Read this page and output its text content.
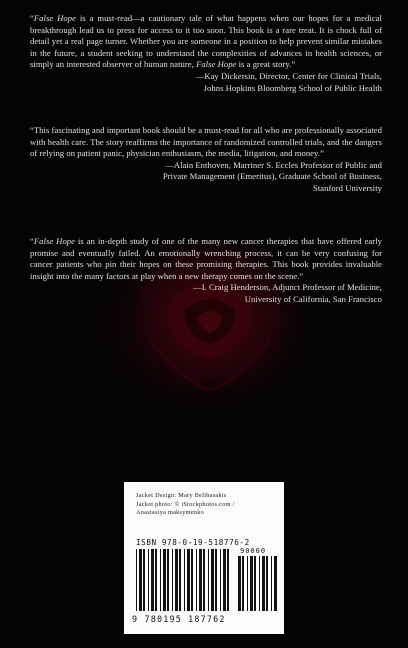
“False Hope is a must-read—a cautionary tale of what happens when our hopes for a medical breakthrough lead us to press for access to it too soon. This book is a rare treat. It is chock full of detail yet a real page turner. Whether you are someone in a position to help prevent similar mistakes in the future, a student seeking to understand the complexities of advances in health sciences, or simply an interested observer of human nature, False Hope is a great story.”

—Kay Dickersin, Director, Center for Clinical Trials,
Johns Hopkins Bloomberg School of Public Health

“This fascinating and important book should be a must-read for all who are professionally associated with health care. The story reaffirms the importance of randomized controlled trials, and the dangers of relying on patient panic, physician enthusiasm, the media, litigation, and money.”

—Alain Enthoven, Marriner S. Eccles Professor of Public and
Private Management (Emeritus), Graduate School of Business,
Stanford University

“False Hope is an in-depth study of one of the many new cancer therapies that have offered early promise and eventually failed. An emotionally wrenching process, it can be very confusing for cancer patients who pin their hopes on these promising therapies. This book provides invaluable insight into the many factors at play when a new therapy comes on the scene.”

—I. Craig Henderson, Adjunct Professor of Medicine,
University of California, San Francisco
Jacket Design: Mary Belibasakis
Jacket photo: © iStockphotos.com /
Anastasiya maksymenko
ISBN 978-0-19-518776-2
90000
9 780195 187762
